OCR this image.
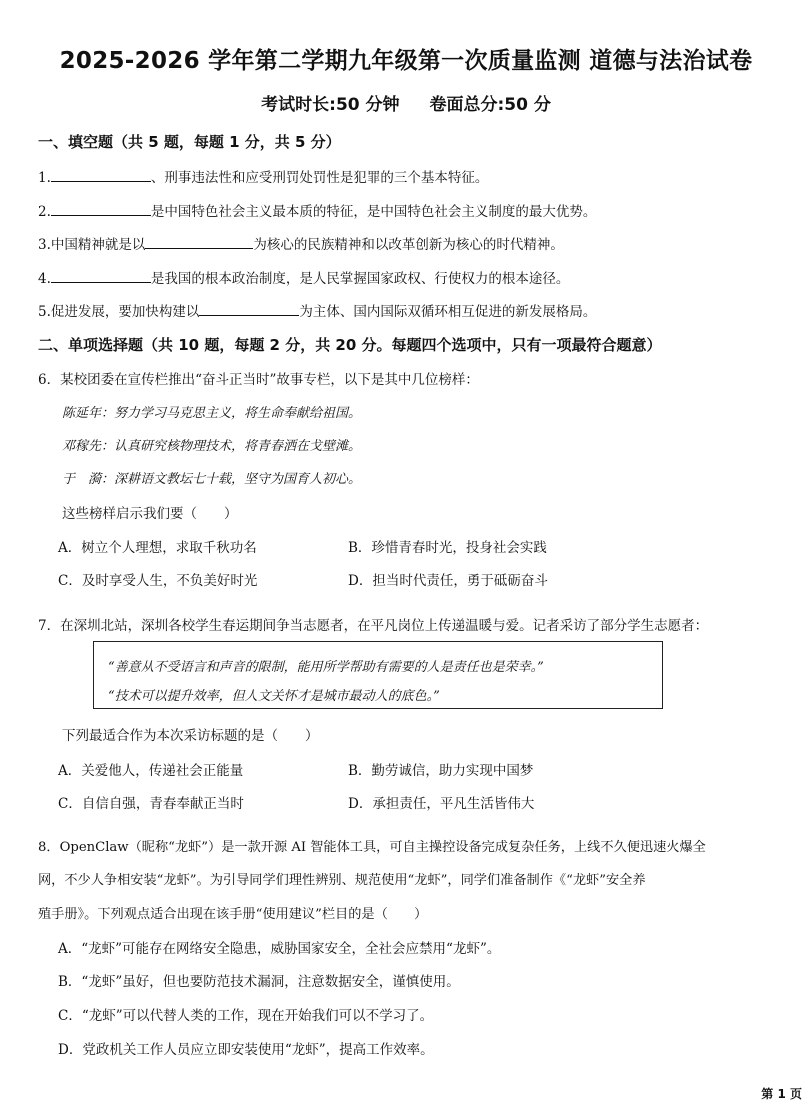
2025-2026 学年第二学期九年级第一次质量监测 道德与法治试卷
考试时长:50 分钟 卷面总分:50 分
一、填空题（共 5 题，每题 1 分，共 5 分）
1.	、刑事违法性和应受刑罚处罚性是犯罪的三个基本特征。
2.	是中国特色社会主义最本质的特征，是中国特色社会主义制度的最大优势。
3.中国精神就是以	为核心的民族精神和以改革创新为核心的时代精神。
4.	是我国的根本政治制度，是人民掌握国家政权、行使权力的根本途径。
5.促进发展，要加快构建以	为主体、国内国际双循环相互促进的新发展格局。
二、单项选择题（共 10 题，每题 2 分，共 20 分。每题四个选项中，只有一项最符合题意）
6．某校团委在宣传栏推出“奋斗正当时”故事专栏，以下是其中几位榜样：
陈延年：努力学习马克思主义，将生命奉献给祖国。
邓稼先：认真研究核物理技术，将青春洒在戈壁滩。
于　漪：深耕语文教坛七十载，坚守为国育人初心。
这些榜样启示我们要（　　）
A．树立个人理想，求取千秋功名	B．珍惜青春时光，投身社会实践
C．及时享受人生，不负美好时光	D．担当时代责任，勇于砥砺奋斗
7．在深圳北站，深圳各校学生春运期间争当志愿者，在平凡岗位上传递温暖与爱。记者采访了部分学生志愿者：
“善意从不受语言和声音的限制，能用所学帮助有需要的人是责任也是荣幸。”
“技术可以提升效率，但人文关怀才是城市最动人的底色。”
下列最适合作为本次采访标题的是（　　）
A．关爱他人，传递社会正能量	B．勤劳诚信，助力实现中国梦
C．自信自强，青春奉献正当时	D．承担责任，平凡生活皆伟大
8．OpenClaw（昵称“龙虾”）是一款开源 AI 智能体工具，可自主操控设备完成复杂任务，上线不久便迅速火爆全
网，不少人争相安装“龙虾”。为引导同学们理性辨别、规范使用“龙虾”，同学们准备制作《“龙虾”安全养
殖手册》。下列观点适合出现在该手册“使用建议”栏目的是（　　）
A．“龙虾”可能存在网络安全隐患，威胁国家安全，全社会应禁用“龙虾”。
B．“龙虾”虽好，但也要防范技术漏洞，注意数据安全，谨慎使用。
C．“龙虾”可以代替人类的工作，现在开始我们可以不学习了。
D．党政机关工作人员应立即安装使用“龙虾”，提高工作效率。
第 1 页
